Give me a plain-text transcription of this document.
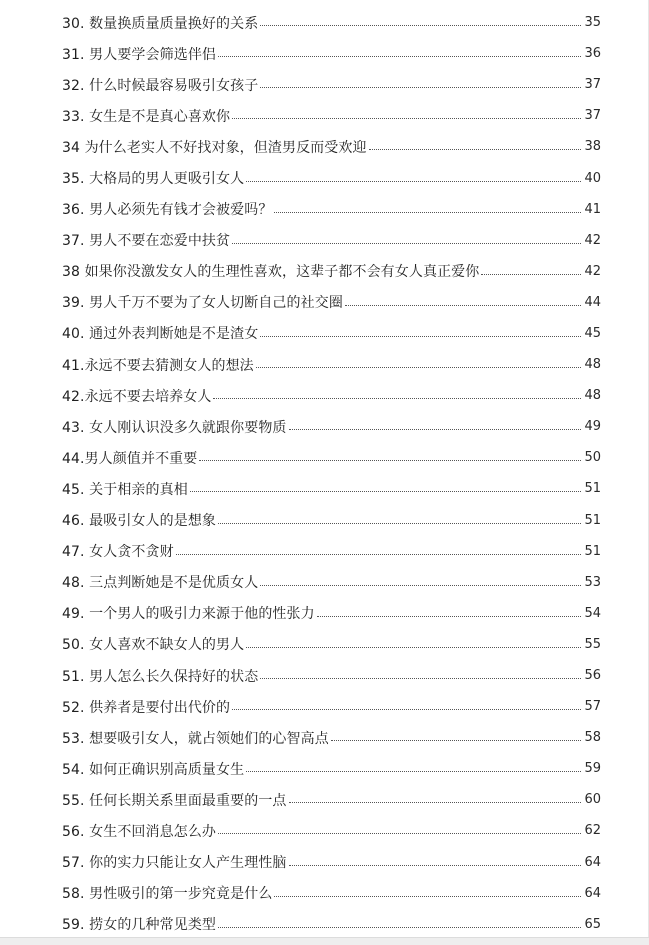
30. 数量换质量质量换好的关系	35
31. 男人要学会筛选伴侣	36
32. 什么时候最容易吸引女孩子	37
33. 女生是不是真心喜欢你	37
34 为什么老实人不好找对象，但渣男反而受欢迎	38
35. 大格局的男人更吸引女人	40
36. 男人必须先有钱才会被爱吗？	41
37. 男人不要在恋爱中扶贫	42
38 如果你没激发女人的生理性喜欢，这辈子都不会有女人真正爱你	42
39. 男人千万不要为了女人切断自己的社交圈	44
40. 通过外表判断她是不是渣女	45
41.永远不要去猜测女人的想法	48
42.永远不要去培养女人	48
43. 女人刚认识没多久就跟你要物质	49
44.男人颜值并不重要	50
45. 关于相亲的真相	51
46. 最吸引女人的是想象	51
47. 女人贪不贪财	51
48. 三点判断她是不是优质女人	53
49. 一个男人的吸引力来源于他的性张力	54
50. 女人喜欢不缺女人的男人	55
51. 男人怎么长久保持好的状态	56
52. 供养者是要付出代价的	57
53. 想要吸引女人，就占领她们的心智高点	58
54. 如何正确识别高质量女生	59
55. 任何长期关系里面最重要的一点	60
56. 女生不回消息怎么办	62
57. 你的实力只能让女人产生理性脑	64
58. 男性吸引的第一步究竟是什么	64
59. 捞女的几种常见类型	65
